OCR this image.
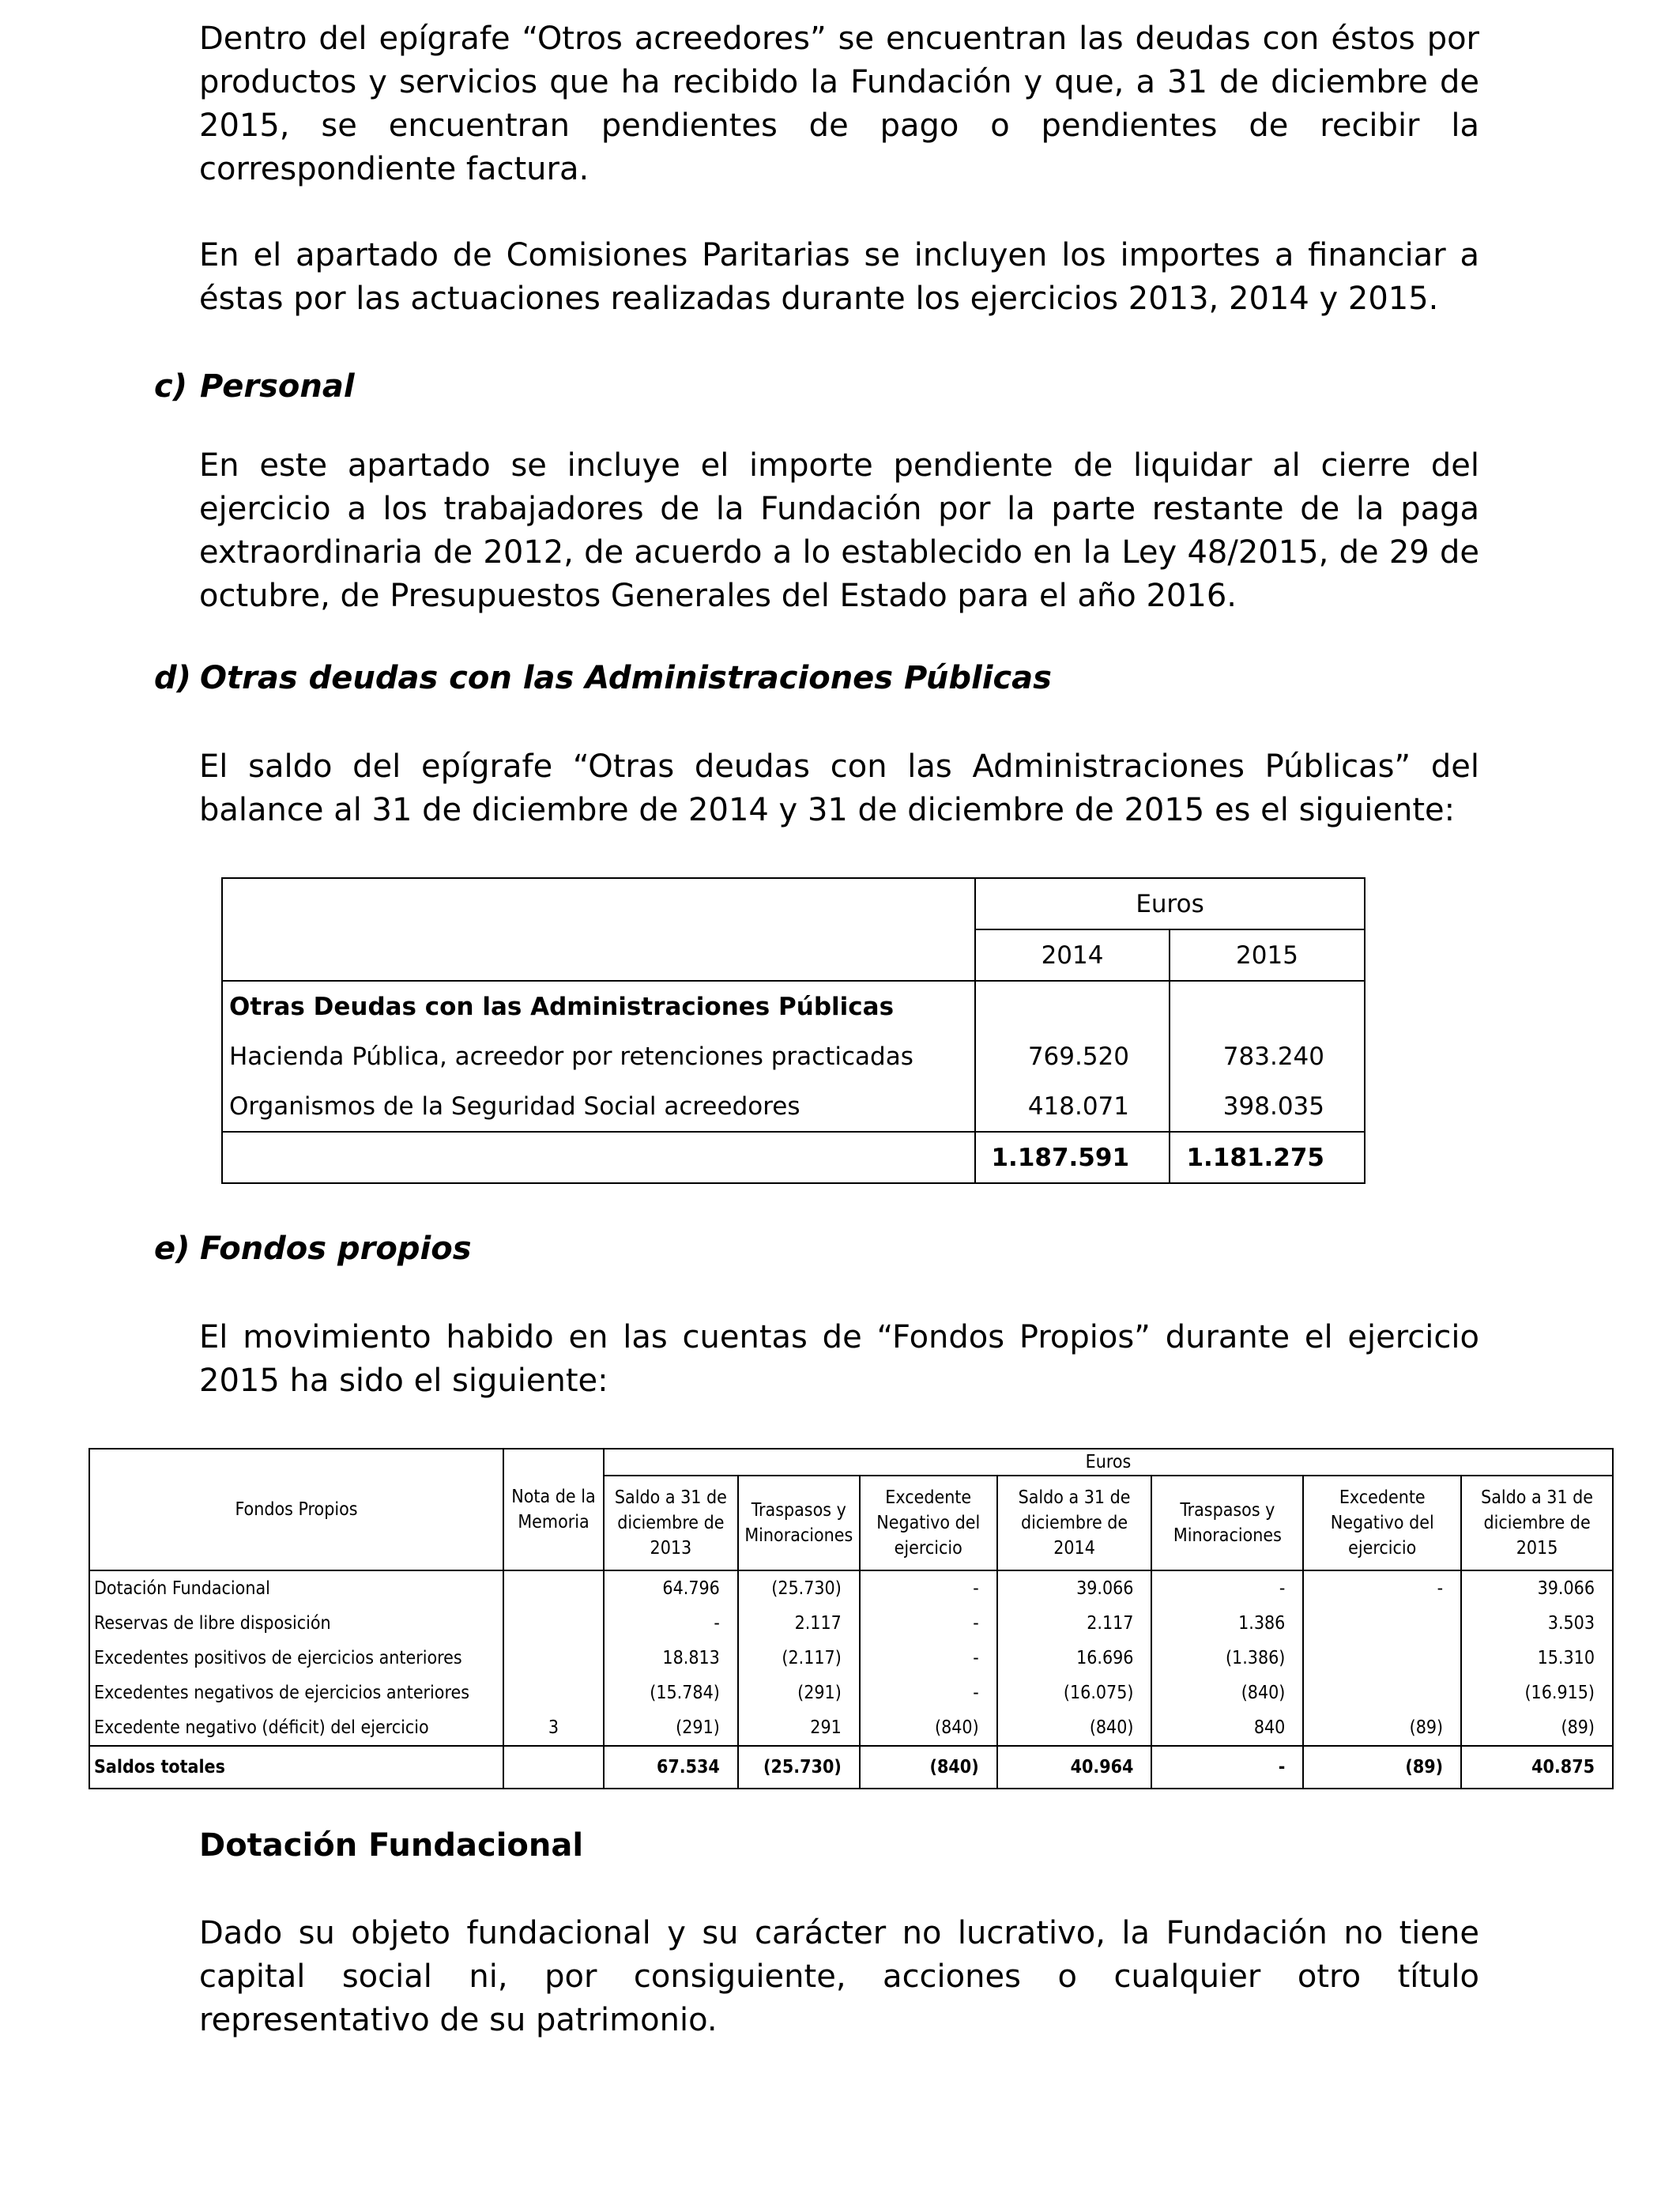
Dentro del epígrafe “Otros acreedores” se encuentran las deudas con éstos por productos y servicios que ha recibido la Fundación y que, a 31 de diciembre de 2015, se encuentran pendientes de pago o pendientes de recibir la correspondiente factura.

En el apartado de Comisiones Paritarias se incluyen los importes a financiar a éstas por las actuaciones realizadas durante los ejercicios 2013, 2014 y 2015.

c) Personal

En este apartado se incluye el importe pendiente de liquidar al cierre del ejercicio a los trabajadores de la Fundación por la parte restante de la paga extraordinaria de 2012, de acuerdo a lo establecido en la Ley 48/2015, de 29 de octubre, de Presupuestos Generales del Estado para el año 2016.

d) Otras deudas con las Administraciones Públicas

El saldo del epígrafe “Otras deudas con las Administraciones Públicas” del balance al 31 de diciembre de 2014 y 31 de diciembre de 2015 es el siguiente:

	Euros	
	2014	2015
Otras Deudas con las Administraciones Públicas		
Hacienda Pública, acreedor por retenciones practicadas	769.520	783.240
Organismos de la Seguridad Social acreedores	418.071	398.035
	1.187.591	1.181.275
e) Fondos propios

El movimiento habido en las cuentas de “Fondos Propios” durante el ejercicio 2015 ha sido el siguiente:

Fondos Propios	Nota de la Memoria	Euros						
		Saldo a 31 de diciembre de 2013	Traspasos y Minoraciones	Excedente Negativo del ejercicio	Saldo a 31 de diciembre de 2014	Traspasos y Minoraciones	Excedente Negativo del ejercicio	Saldo a 31 de diciembre de 2015
Dotación Fundacional		64.796	(25.730)	-	39.066	-	-	39.066
Reservas de libre disposición		-	2.117	-	2.117	1.386		3.503
Excedentes positivos de ejercicios anteriores		18.813	(2.117)	-	16.696	(1.386)		15.310
Excedentes negativos de ejercicios anteriores		(15.784)	(291)	-	(16.075)	(840)		(16.915)
Excedente negativo (déficit) del ejercicio	3	(291)	291	(840)	(840)	840	(89)	(89)
Saldos totales		67.534	(25.730)	(840)	40.964	-	(89)	40.875
Dotación Fundacional

Dado su objeto fundacional y su carácter no lucrativo, la Fundación no tiene capital social ni, por consiguiente, acciones o cualquier otro título representativo de su patrimonio.
